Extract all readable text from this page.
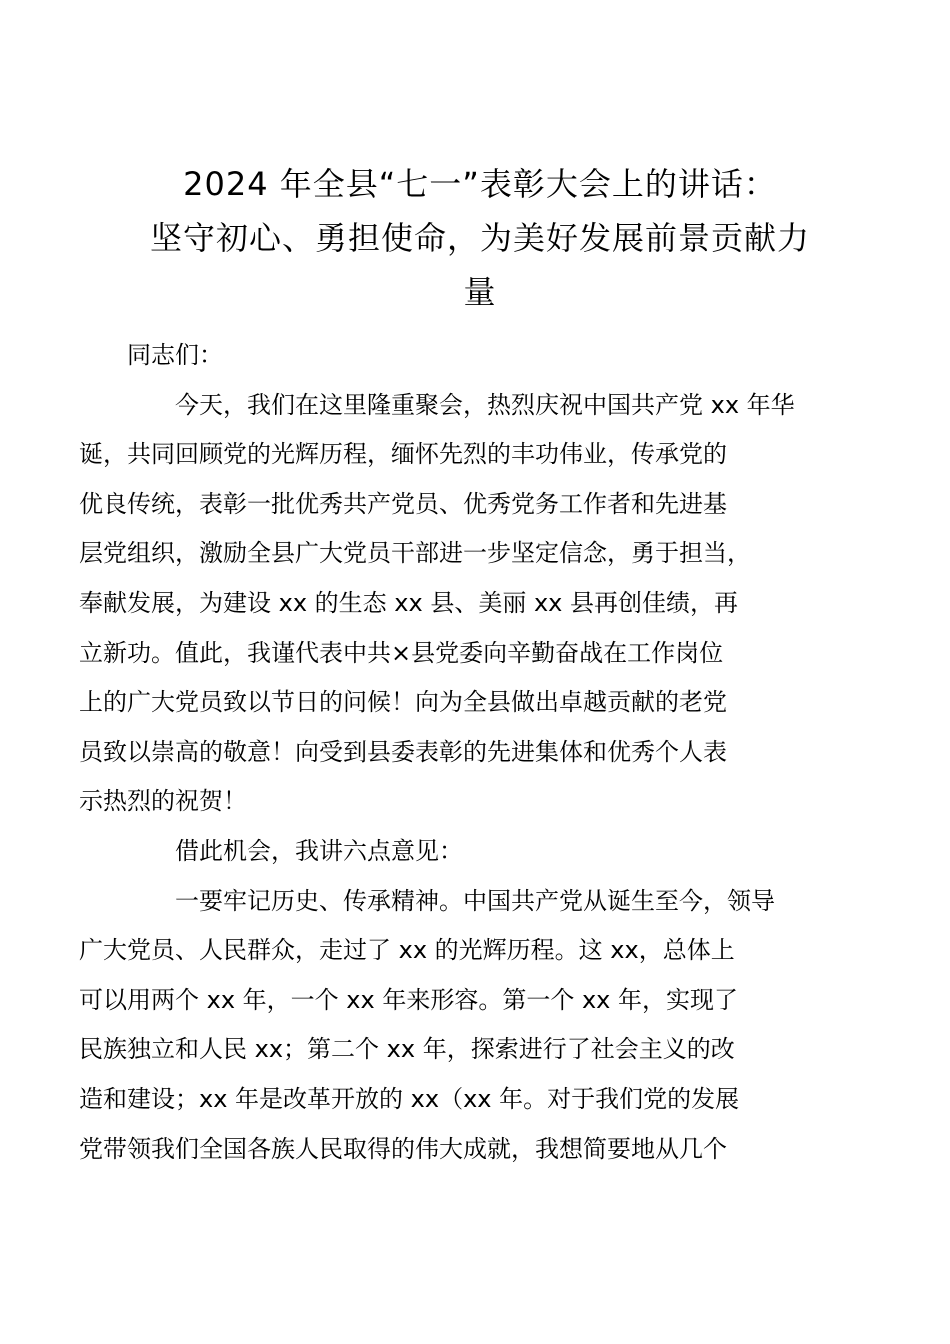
2024 年全县“七一”表彰大会上的讲话：
坚守初心、勇担使命，为美好发展前景贡献力
量

同志们：

今天，我们在这里隆重聚会，热烈庆祝中国共产党 xx 年华
诞，共同回顾党的光辉历程，缅怀先烈的丰功伟业，传承党的
优良传统，表彰一批优秀共产党员、优秀党务工作者和先进基
层党组织，激励全县广大党员干部进一步坚定信念，勇于担当，
奉献发展，为建设 xx 的生态 xx 县、美丽 xx 县再创佳绩，再
立新功。值此，我谨代表中共×县党委向辛勤奋战在工作岗位
上的广大党员致以节日的问候！向为全县做出卓越贡献的老党
员致以崇高的敬意！向受到县委表彰的先进集体和优秀个人表
示热烈的祝贺！

借此机会，我讲六点意见：

一要牢记历史、传承精神。中国共产党从诞生至今，领导
广大党员、人民群众，走过了 xx 的光辉历程。这 xx，总体上
可以用两个 xx 年，一个 xx 年来形容。第一个 xx 年，实现了
民族独立和人民 xx；第二个 xx 年，探索进行了社会主义的改
造和建设；xx 年是改革开放的 xx（xx 年。对于我们党的发展
党带领我们全国各族人民取得的伟大成就，我想简要地从几个
